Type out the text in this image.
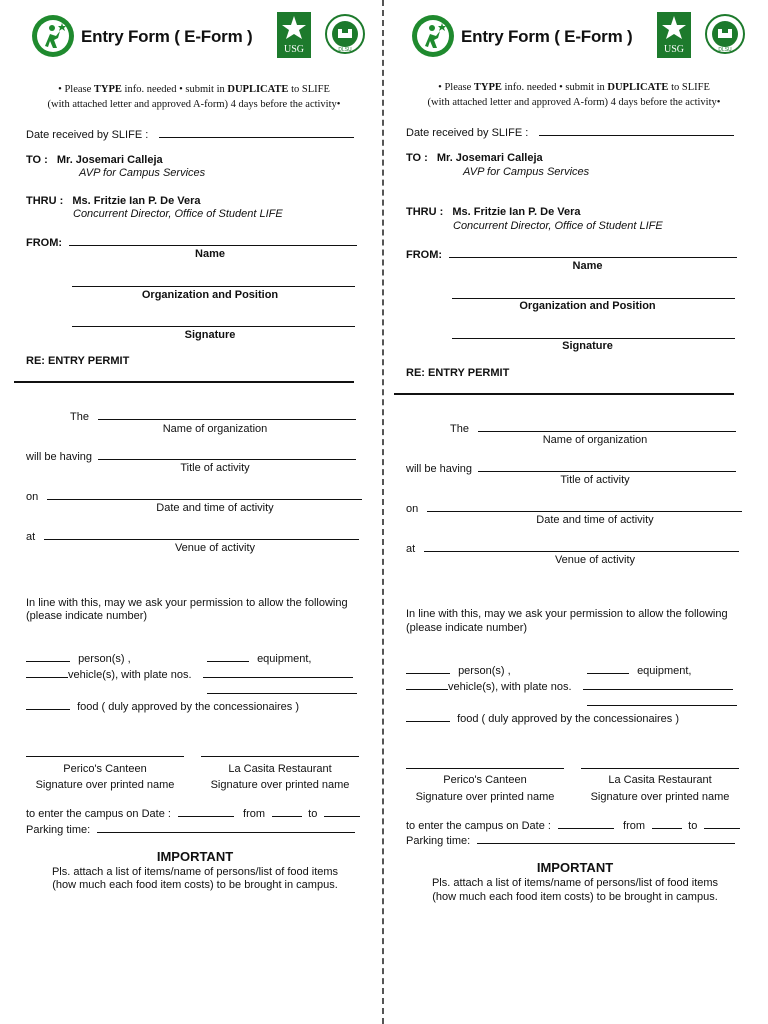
Entry Form ( E-Form )
USG	DLSU
• Please TYPE info. needed • submit in DUPLICATE to SLIFE
(with attached letter and approved A-form) 4 days before the activity•
Date received by SLIFE :
TO : Mr. Josemari Calleja
AVP for Campus Services
THRU : Ms. Fritzie Ian P. De Vera
Concurrent Director, Office of Student LIFE
FROM:
Name
Organization and Position
Signature
RE: ENTRY PERMIT
The
Name of organization
will be having
Title of activity
on
Date and time of activity
at
Venue of activity
In line with this, may we ask your permission to allow the following
(please indicate number)
person(s) ,	equipment,
vehicle(s), with plate nos.
food ( duly approved by the concessionaires )
Perico's Canteen	La Casita Restaurant
Signature over printed name	Signature over printed name
to enter the campus on Date :	from	to
Parking time:
IMPORTANT
Pls. attach a list of items/name of persons/list of food items
(how much each food item costs) to be brought in campus.
Entry Form ( E-Form )
USG	DLSU
• Please TYPE info. needed • submit in DUPLICATE to SLIFE
(with attached letter and approved A-form) 4 days before the activity•
Date received by SLIFE :
TO : Mr. Josemari Calleja
AVP for Campus Services
THRU : Ms. Fritzie Ian P. De Vera
Concurrent Director, Office of Student LIFE
FROM:
Name
Organization and Position
Signature
RE: ENTRY PERMIT
The
Name of organization
will be having
Title of activity
on
Date and time of activity
at
Venue of activity
In line with this, may we ask your permission to allow the following
(please indicate number)
person(s) ,	equipment,
vehicle(s), with plate nos.
food ( duly approved by the concessionaires )
Perico's Canteen	La Casita Restaurant
Signature over printed name	Signature over printed name
to enter the campus on Date :	from	to
Parking time:
IMPORTANT
Pls. attach a list of items/name of persons/list of food items
(how much each food item costs) to be brought in campus.
